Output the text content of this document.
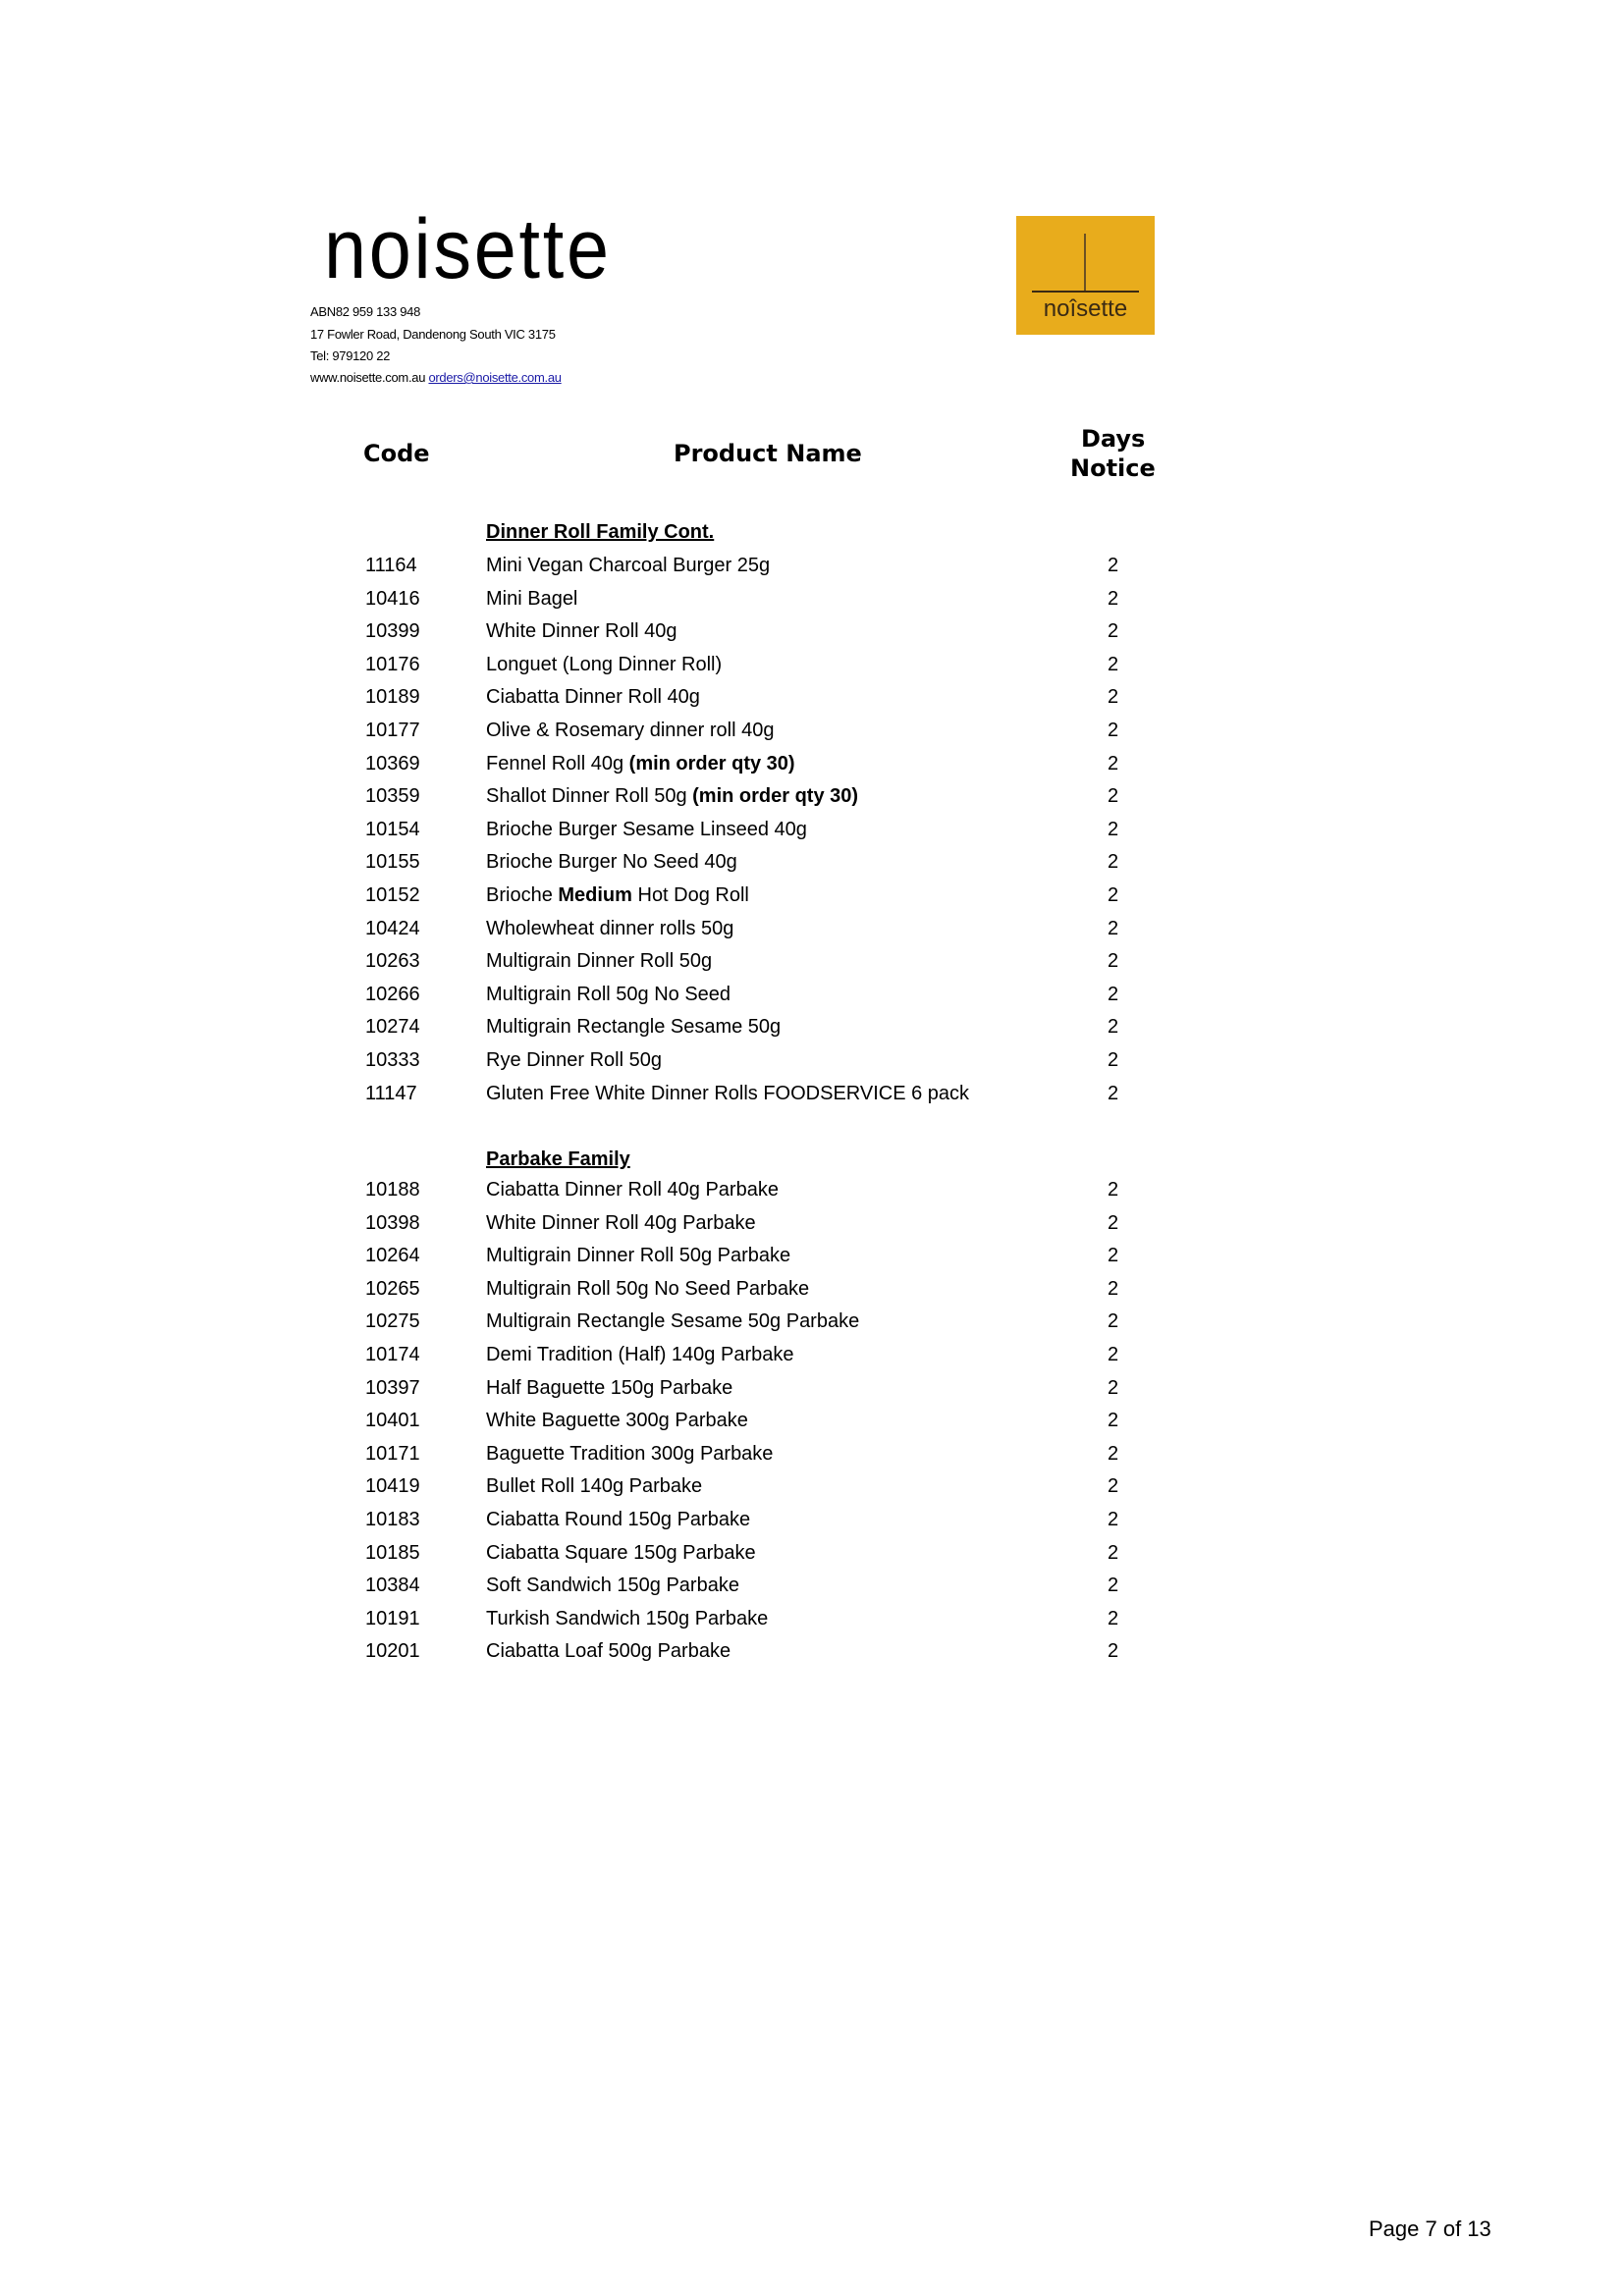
noisette
ABN82 959 133 948
17 Fowler Road, Dandenong South VIC 3175
Tel: 979120 22
www.noisette.com.au orders@noisette.com.au
noîsette
Code	Product Name
Days
Notice
Dinner Roll Family Cont.
11164	Mini Vegan Charcoal Burger 25g	2
10416	Mini Bagel	2
10399	White Dinner Roll 40g	2
10176	Longuet (Long Dinner Roll)	2
10189	Ciabatta Dinner Roll 40g	2
10177	Olive & Rosemary dinner roll 40g	2
10369	Fennel Roll 40g (min order qty 30)	2
10359	Shallot Dinner Roll 50g (min order qty 30)	2
10154	Brioche Burger Sesame Linseed 40g	2
10155	Brioche Burger No Seed 40g	2
10152	Brioche Medium Hot Dog Roll	2
10424	Wholewheat dinner rolls 50g	2
10263	Multigrain Dinner Roll 50g	2
10266	Multigrain Roll 50g No Seed	2
10274	Multigrain Rectangle Sesame 50g	2
10333	Rye Dinner Roll 50g	2
11147	Gluten Free White Dinner Rolls FOODSERVICE 6 pack	2
Parbake Family
10188	Ciabatta Dinner Roll 40g Parbake	2
10398	White Dinner Roll 40g Parbake	2
10264	Multigrain Dinner Roll 50g Parbake	2
10265	Multigrain Roll 50g No Seed Parbake	2
10275	Multigrain Rectangle Sesame 50g Parbake	2
10174	Demi Tradition (Half) 140g Parbake	2
10397	Half Baguette 150g Parbake	2
10401	White Baguette 300g Parbake	2
10171	Baguette Tradition 300g Parbake	2
10419	Bullet Roll 140g Parbake	2
10183	Ciabatta Round 150g Parbake	2
10185	Ciabatta Square 150g Parbake	2
10384	Soft Sandwich 150g Parbake	2
10191	Turkish Sandwich 150g Parbake	2
10201	Ciabatta Loaf 500g Parbake	2
Page 7 of 13
